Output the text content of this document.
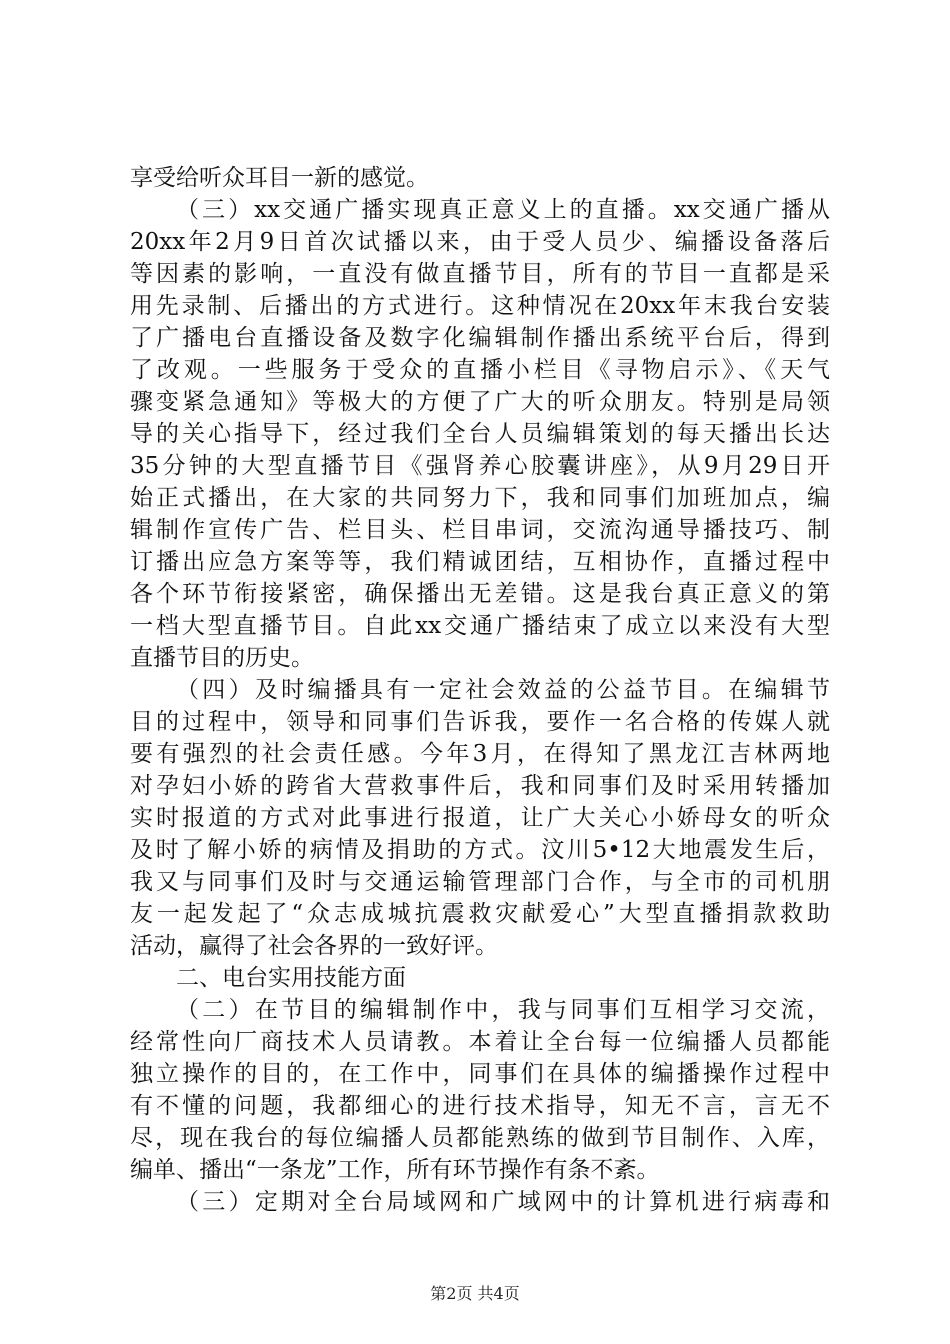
享受给听众耳目一新的感觉。
（三）xx交通广播实现真正意义上的直播。xx交通广播从
20xx年2月9日首次试播以来，由于受人员少、编播设备落后
等因素的影响，一直没有做直播节目，所有的节目一直都是采
用先录制、后播出的方式进行。这种情况在20xx年末我台安装
了广播电台直播设备及数字化编辑制作播出系统平台后，得到
了改观。一些服务于受众的直播小栏目《寻物启示》、《天气
骤变紧急通知》等极大的方便了广大的听众朋友。特别是局领
导的关心指导下，经过我们全台人员编辑策划的每天播出长达
35分钟的大型直播节目《强肾养心胶囊讲座》，从9月29日开
始正式播出，在大家的共同努力下，我和同事们加班加点，编
辑制作宣传广告、栏目头、栏目串词，交流沟通导播技巧、制
订播出应急方案等等，我们精诚团结，互相协作，直播过程中
各个环节衔接紧密，确保播出无差错。这是我台真正意义的第
一档大型直播节目。自此xx交通广播结束了成立以来没有大型
直播节目的历史。
（四）及时编播具有一定社会效益的公益节目。在编辑节
目的过程中，领导和同事们告诉我，要作一名合格的传媒人就
要有强烈的社会责任感。今年3月，在得知了黑龙江吉林两地
对孕妇小娇的跨省大营救事件后，我和同事们及时采用转播加
实时报道的方式对此事进行报道，让广大关心小娇母女的听众
及时了解小娇的病情及捐助的方式。汶川5•12大地震发生后，
我又与同事们及时与交通运输管理部门合作，与全市的司机朋
友一起发起了“众志成城抗震救灾献爱心”大型直播捐款救助
活动，赢得了社会各界的一致好评。
二、电台实用技能方面
（二）在节目的编辑制作中，我与同事们互相学习交流，
经常性向厂商技术人员请教。本着让全台每一位编播人员都能
独立操作的目的，在工作中，同事们在具体的编播操作过程中
有不懂的问题，我都细心的进行技术指导，知无不言，言无不
尽，现在我台的每位编播人员都能熟练的做到节目制作、入库，
编单、播出“一条龙”工作，所有环节操作有条不紊。
（三）定期对全台局域网和广域网中的计算机进行病毒和
第2页 共4页
